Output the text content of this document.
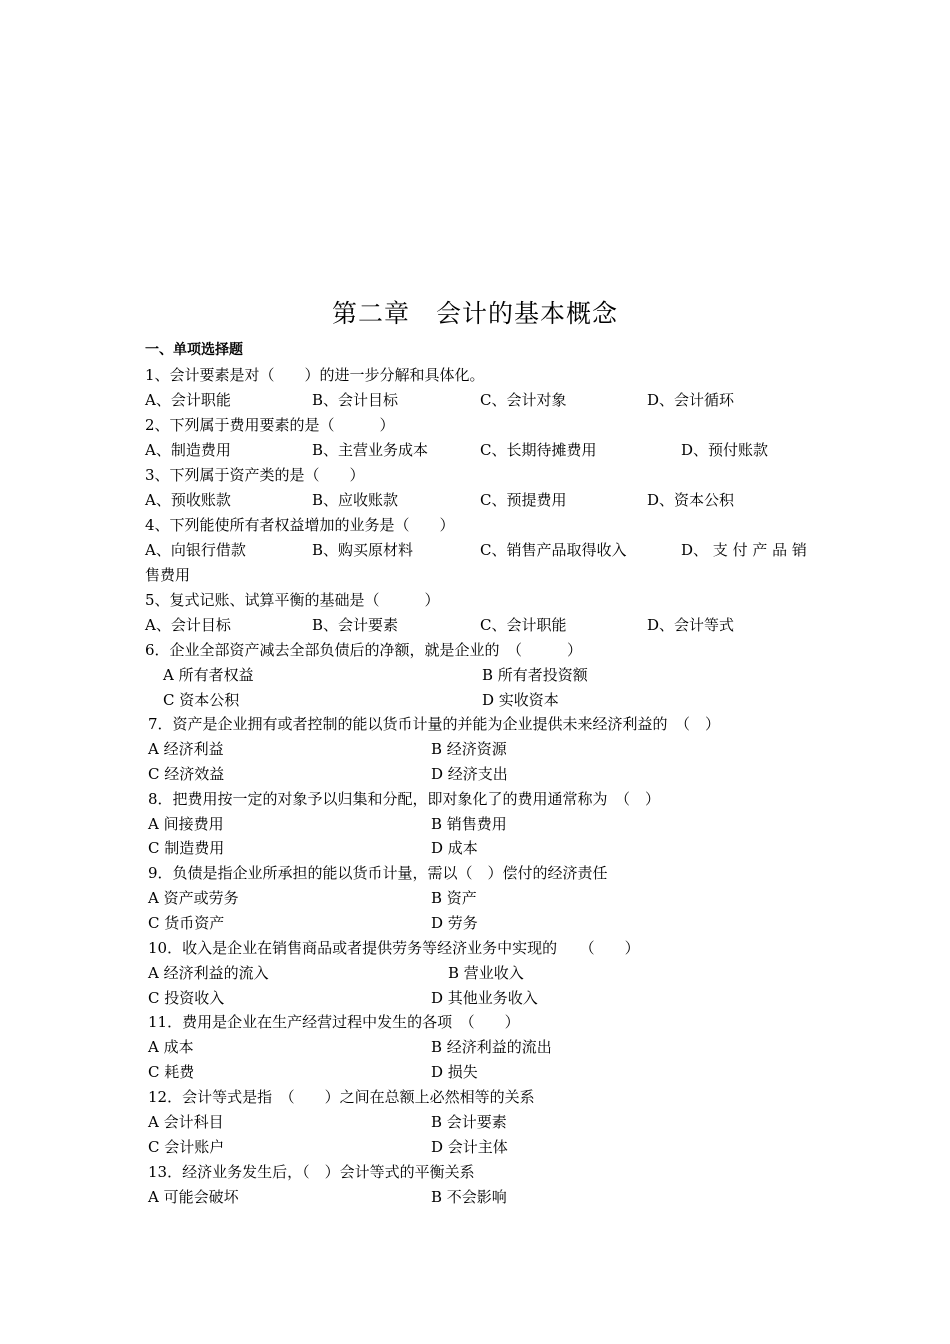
第二章　会计的基本概念
一、单项选择题
1、会计要素是对（　　）的进一步分解和具体化。
A、会计职能	B、会计目标	C、会计对象	D、会计循环
2、下列属于费用要素的是（　　　）
A、制造费用	B、主营业务成本	C、长期待摊费用	D、预付账款
3、下列属于资产类的是（　　）
A、预收账款	B、应收账款	C、预提费用	D、资本公积
4、下列能使所有者权益增加的业务是（　　）
A、向银行借款	B、购买原材料	C、销售产品取得收入	D、 支 付 产 品 销
售费用
5、复式记账、试算平衡的基础是（　　　）
A、会计目标	B、会计要素	C、会计职能	D、会计等式
6．企业全部资产减去全部负债后的净额，就是企业的　（　　　）
A 所有者权益	B 所有者投资额
C 资本公积	D 实收资本
7．资产是企业拥有或者控制的能以货币计量的并能为企业提供未来经济利益的　（　）
A 经济利益	B 经济资源
C 经济效益	D 经济支出
8．把费用按一定的对象予以归集和分配，即对象化了的费用通常称为　（　）
A 间接费用	B 销售费用
C 制造费用	D 成本
9．负债是指企业所承担的能以货币计量，需以（　）偿付的经济责任
A 资产或劳务	B 资产
C 货币资产	D 劳务
10．收入是企业在销售商品或者提供劳务等经济业务中实现的　　（　　）
A 经济利益的流入	B 营业收入
C 投资收入	D 其他业务收入
11．费用是企业在生产经营过程中发生的各项　（　　）
A 成本	B 经济利益的流出
C 耗费	D 损失
12．会计等式是指　（　　）之间在总额上必然相等的关系
A 会计科目	B 会计要素
C 会计账户	D 会计主体
13．经济业务发生后，（　）会计等式的平衡关系
A 可能会破坏	B 不会影响
